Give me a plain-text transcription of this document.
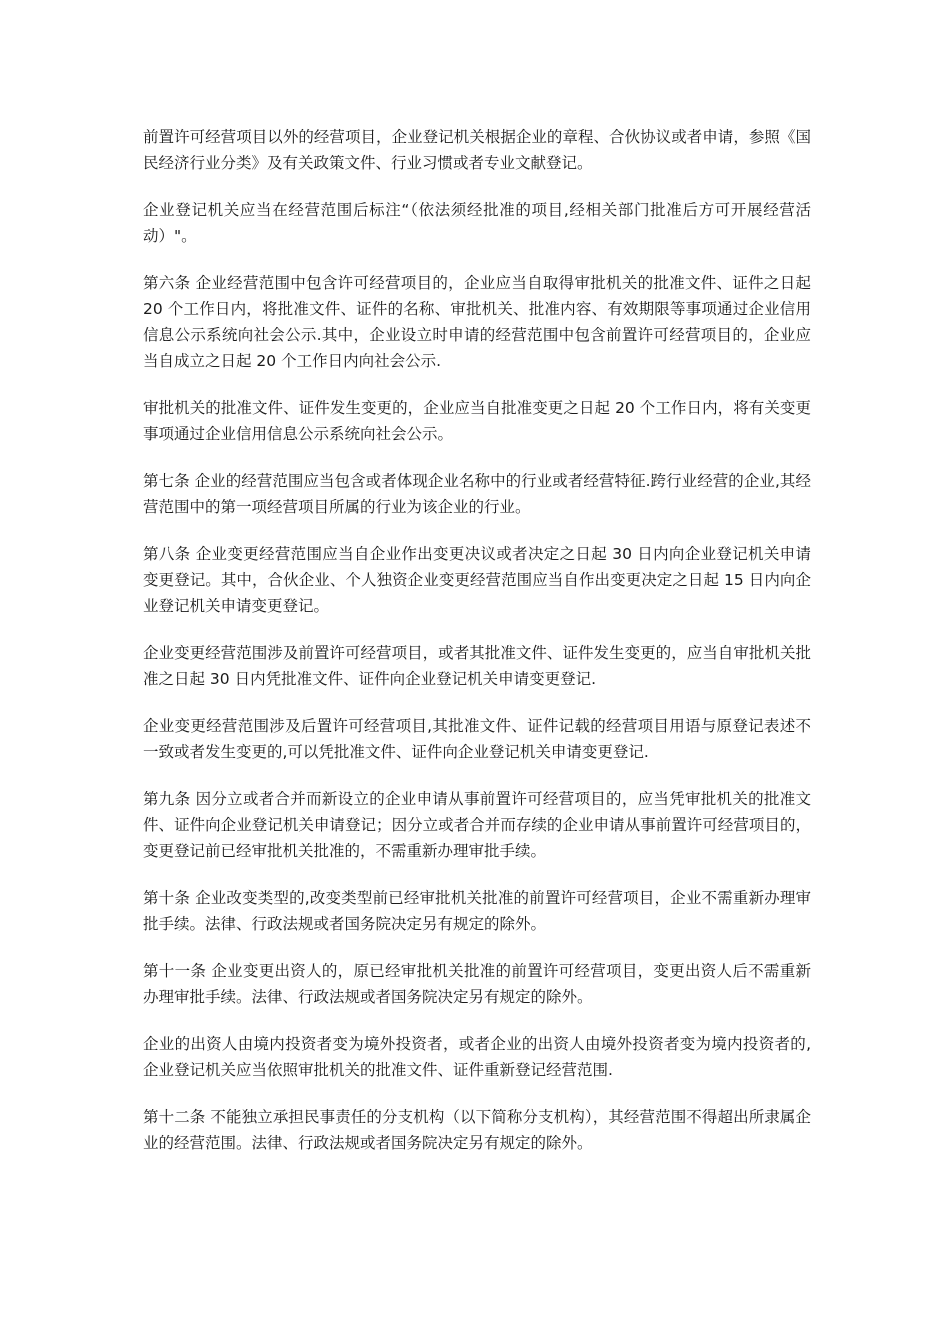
前置许可经营项目以外的经营项目，企业登记机关根据企业的章程、合伙协议或者申请，参照《国民经济行业分类》及有关政策文件、行业习惯或者专业文献登记。

企业登记机关应当在经营范围后标注“（依法须经批准的项目,经相关部门批准后方可开展经营活动）"。

第六条 企业经营范围中包含许可经营项目的，企业应当自取得审批机关的批准文件、证件之日起 20 个工作日内，将批准文件、证件的名称、审批机关、批准内容、有效期限等事项通过企业信用信息公示系统向社会公示.其中，企业设立时申请的经营范围中包含前置许可经营项目的，企业应当自成立之日起 20 个工作日内向社会公示.

审批机关的批准文件、证件发生变更的，企业应当自批准变更之日起 20 个工作日内，将有关变更事项通过企业信用信息公示系统向社会公示。

第七条 企业的经营范围应当包含或者体现企业名称中的行业或者经营特征.跨行业经营的企业,其经营范围中的第一项经营项目所属的行业为该企业的行业。

第八条 企业变更经营范围应当自企业作出变更决议或者决定之日起 30 日内向企业登记机关申请变更登记。其中，合伙企业、个人独资企业变更经营范围应当自作出变更决定之日起 15 日内向企业登记机关申请变更登记。

企业变更经营范围涉及前置许可经营项目，或者其批准文件、证件发生变更的，应当自审批机关批准之日起 30 日内凭批准文件、证件向企业登记机关申请变更登记.

企业变更经营范围涉及后置许可经营项目,其批准文件、证件记载的经营项目用语与原登记表述不一致或者发生变更的,可以凭批准文件、证件向企业登记机关申请变更登记.

第九条 因分立或者合并而新设立的企业申请从事前置许可经营项目的，应当凭审批机关的批准文件、证件向企业登记机关申请登记；因分立或者合并而存续的企业申请从事前置许可经营项目的，变更登记前已经审批机关批准的，不需重新办理审批手续。

第十条 企业改变类型的,改变类型前已经审批机关批准的前置许可经营项目，企业不需重新办理审批手续。法律、行政法规或者国务院决定另有规定的除外。

第十一条 企业变更出资人的，原已经审批机关批准的前置许可经营项目，变更出资人后不需重新办理审批手续。法律、行政法规或者国务院决定另有规定的除外。

企业的出资人由境内投资者变为境外投资者，或者企业的出资人由境外投资者变为境内投资者的,企业登记机关应当依照审批机关的批准文件、证件重新登记经营范围.

第十二条 不能独立承担民事责任的分支机构（以下简称分支机构），其经营范围不得超出所隶属企业的经营范围。法律、行政法规或者国务院决定另有规定的除外。
